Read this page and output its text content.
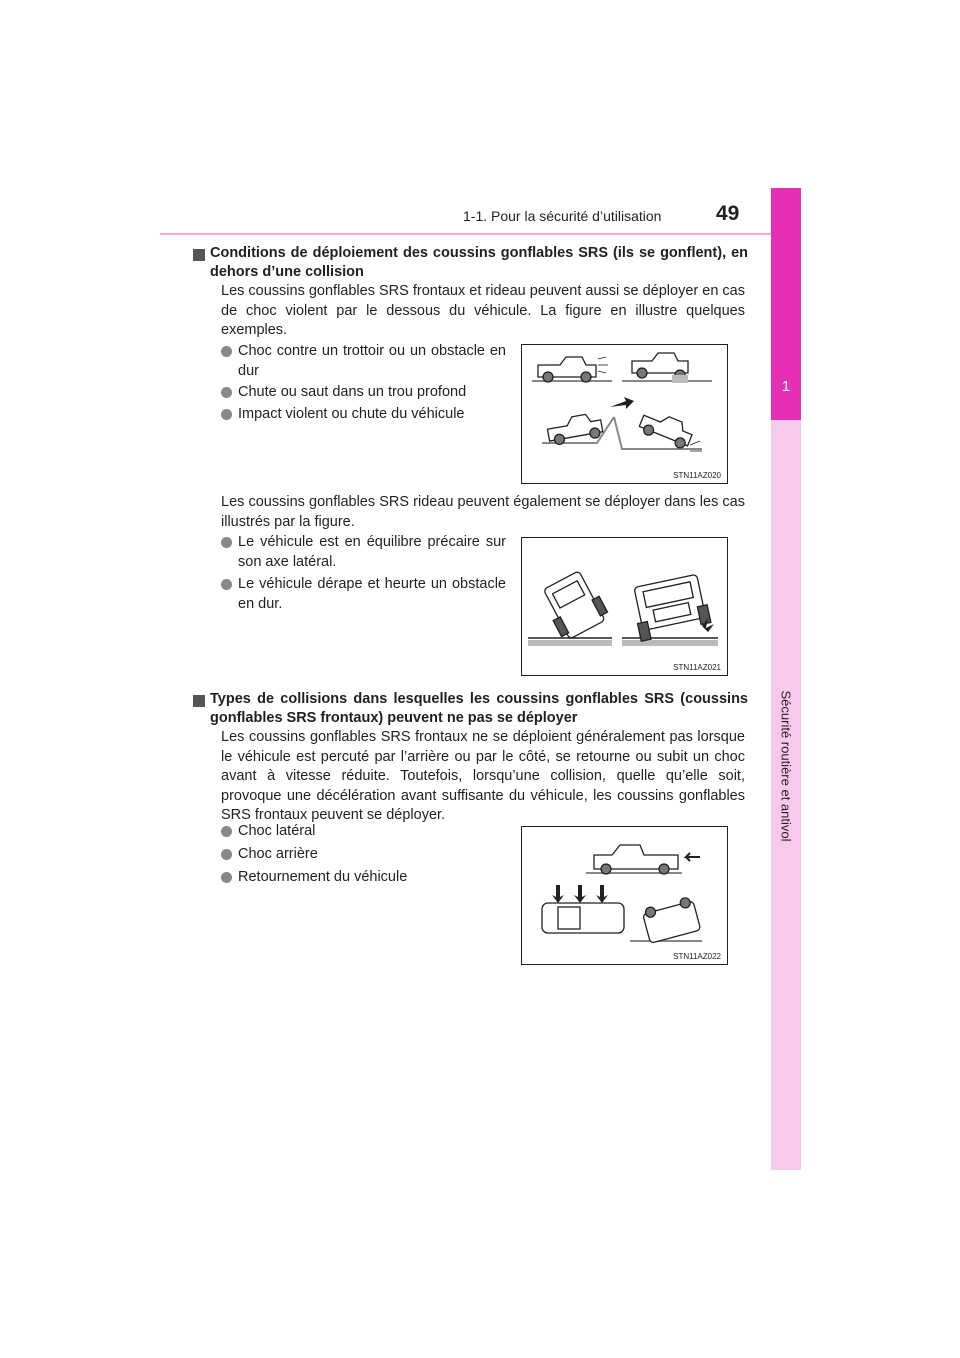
1-1. Pour la sécurité d’utilisation	49
1
Sécurité routière et antivol
Conditions de déploiement des coussins gonflables SRS (ils se gonflent), en dehors d’une collision
Les coussins gonflables SRS frontaux et rideau peuvent aussi se déployer en cas de choc violent par le dessous du véhicule. La figure en illustre quelques exemples.
Choc contre un trottoir ou un obstacle en dur
Chute ou saut dans un trou profond
Impact violent ou chute du véhicule
STN11AZ020
Les coussins gonflables SRS rideau peuvent également se déployer dans les cas illustrés par la figure.
Le véhicule est en équilibre précaire sur son axe latéral.
Le véhicule dérape et heurte un obstacle en dur.
STN11AZ021
Types de collisions dans lesquelles les coussins gonflables SRS (coussins gonflables SRS frontaux) peuvent ne pas se déployer
Les coussins gonflables SRS frontaux ne se déploient généralement pas lorsque le véhicule est percuté par l’arrière ou par le côté, se retourne ou subit un choc avant à vitesse réduite. Toutefois, lorsqu’une collision, quelle qu’elle soit, provoque une décélération avant suffisante du véhicule, les coussins gonflables SRS frontaux peuvent se déployer.
Choc latéral
Choc arrière
Retournement du véhicule
STN11AZ022
